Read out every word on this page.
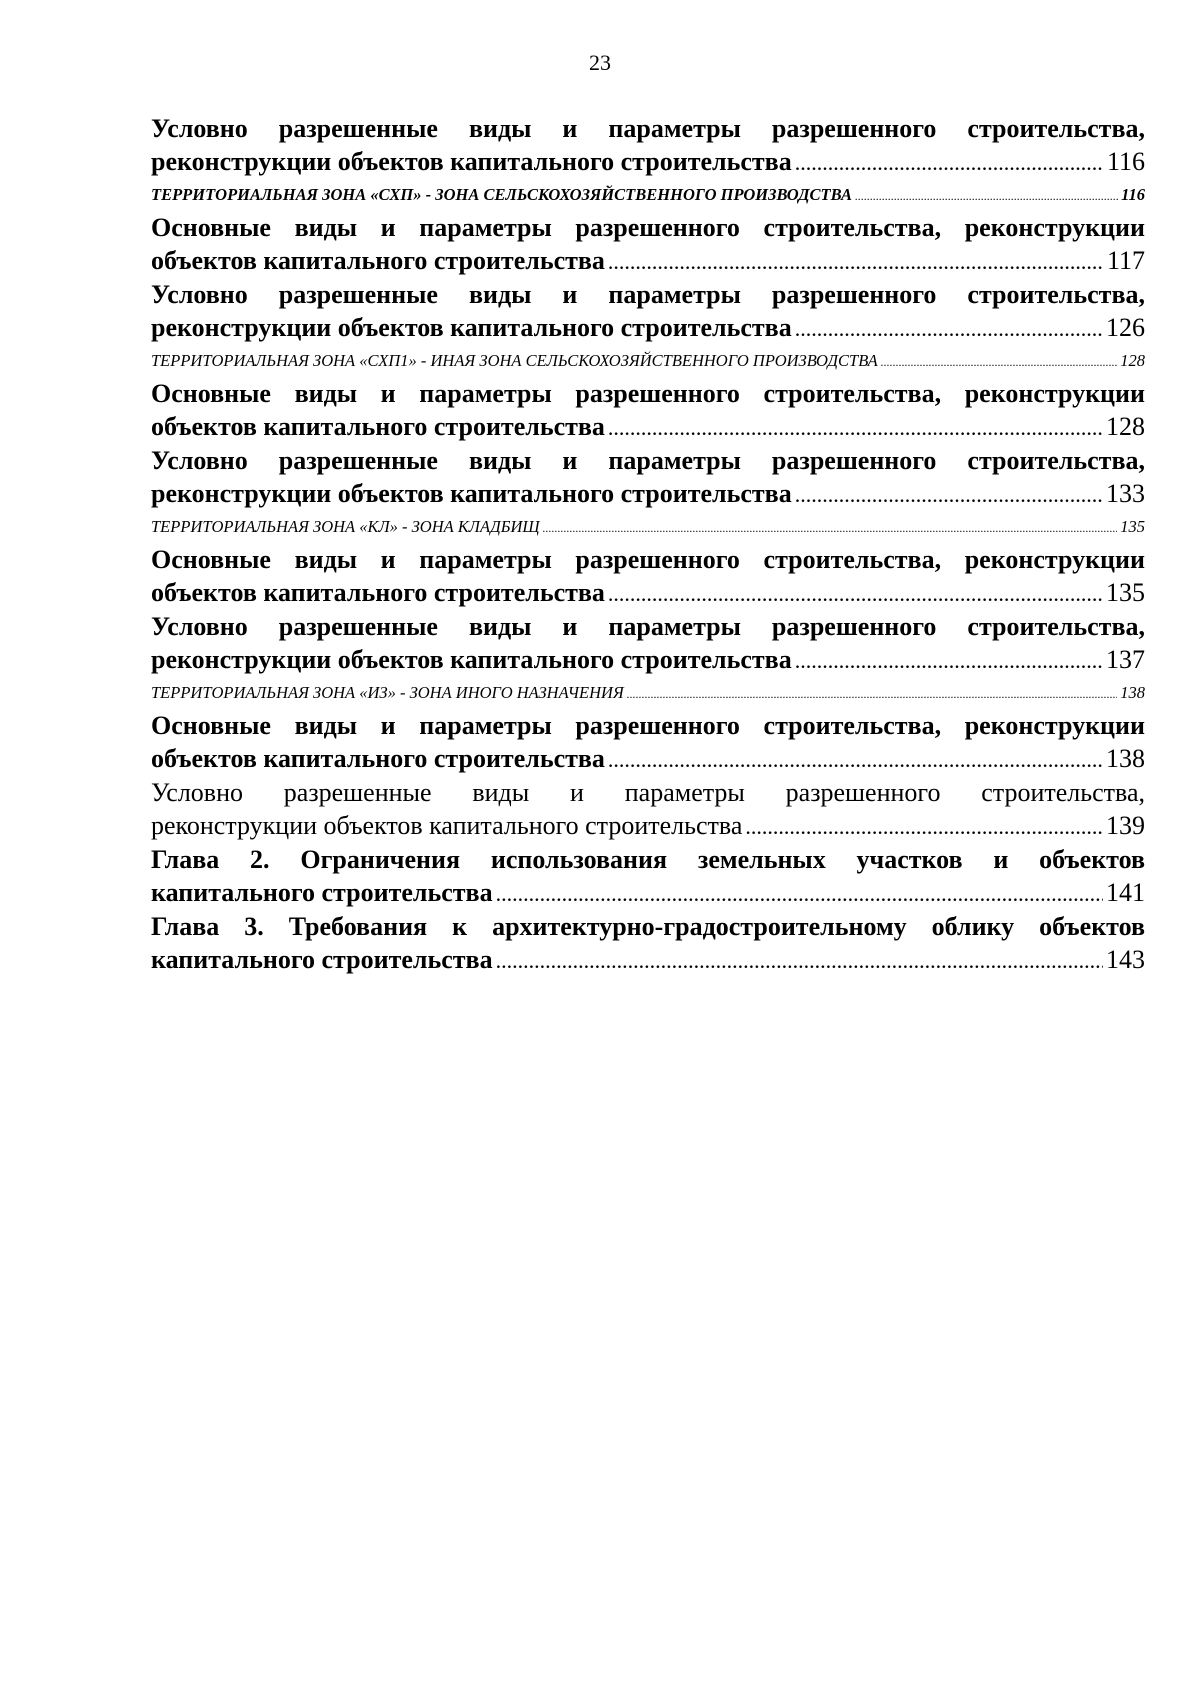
23
Условно разрешенные виды и параметры разрешенного строительства,
реконструкции объектов капитального строительства .....	116
ТЕРРИТОРИАЛЬНАЯ ЗОНА «СХП» - ЗОНА СЕЛЬСКОХОЗЯЙСТВЕННОГО ПРОИЗВОДСТВА .....	116
Основные виды и параметры разрешенного строительства, реконструкции
объектов капитального строительства .....	117
Условно разрешенные виды и параметры разрешенного строительства,
реконструкции объектов капитального строительства .....	126
ТЕРРИТОРИАЛЬНАЯ ЗОНА «СХП1» - ИНАЯ ЗОНА СЕЛЬСКОХОЗЯЙСТВЕННОГО ПРОИЗВОДСТВА .....	128
Основные виды и параметры разрешенного строительства, реконструкции
объектов капитального строительства .....	128
Условно разрешенные виды и параметры разрешенного строительства,
реконструкции объектов капитального строительства .....	133
ТЕРРИТОРИАЛЬНАЯ ЗОНА «КЛ» - ЗОНА КЛАДБИЩ .....	135
Основные виды и параметры разрешенного строительства, реконструкции
объектов капитального строительства .....	135
Условно разрешенные виды и параметры разрешенного строительства,
реконструкции объектов капитального строительства .....	137
ТЕРРИТОРИАЛЬНАЯ ЗОНА «ИЗ» - ЗОНА ИНОГО НАЗНАЧЕНИЯ .....	138
Основные виды и параметры разрешенного строительства, реконструкции
объектов капитального строительства .....	138
Условно разрешенные виды и параметры разрешенного строительства,
реконструкции объектов капитального строительства .....	139
Глава 2. Ограничения использования земельных участков и объектов
капитального строительства .....	141
Глава 3. Требования к архитектурно-градостроительному облику объектов
капитального строительства .....	143
